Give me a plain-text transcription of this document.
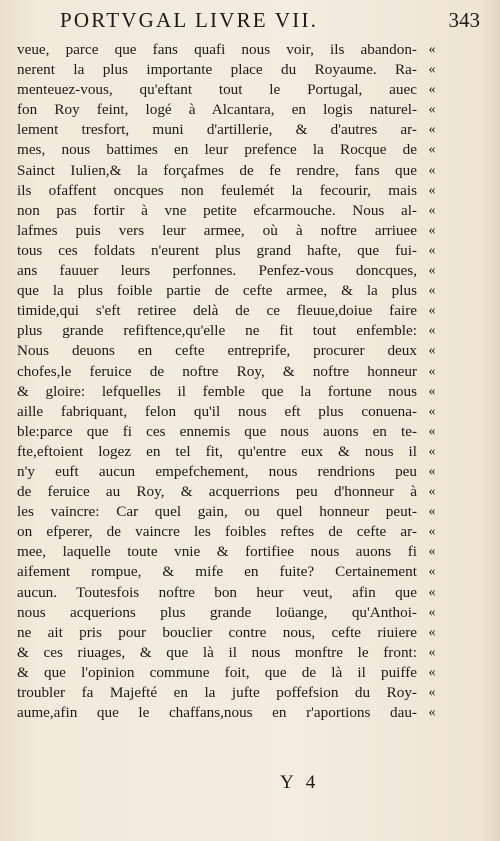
PORTVGAL LIVRE VII.	343
veue, parce que fans quafi nous voir, ils abandon-
nerent la plus importante place du Royaume. Ra-
menteuez-vous, qu'eftant tout le Portugal, auec
fon Roy feint, logé à Alcantara, en logis naturel-
lement tresfort, muni d'artillerie, & d'autres ar-
mes, nous battimes en leur prefence la Rocque de
Sainct Iulien,& la forçafmes de fe rendre, fans que
ils ofaffent oncques non feulemét la fecourir, mais
non pas fortir à vne petite efcarmouche. Nous al-
lafmes puis vers leur armee, où à noftre arriuee
tous ces foldats n'eurent plus grand hafte, que fui-
ans fauuer leurs perfonnes. Penfez-vous doncques,
que la plus foible partie de cefte armee, & la plus
timide,qui s'eft retiree delà de ce fleuue,doiue faire
plus grande refiftence,qu'elle ne fit tout enfemble:
Nous deuons en cefte entreprife, procurer deux
chofes,le feruice de noftre Roy, & noftre honneur
& gloire: lefquelles il femble que la fortune nous
aille fabriquant, felon qu'il nous eft plus conuena-
ble:parce que fi ces ennemis que nous auons en te-
fte,eftoient logez en tel fit, qu'entre eux & nous il
n'y euft aucun empefchement, nous rendrions peu
de feruice au Roy, & acquerrions peu d'honneur à
les vaincre: Car quel gain, ou quel honneur peut-
on efperer, de vaincre les foibles reftes de cefte ar-
mee, laquelle toute vnie & fortifiee nous auons fi
aifement rompue, & mife en fuite? Certainement
aucun. Toutesfois noftre bon heur veut, afin que
nous acquerions plus grande loüange, qu'Anthoi-
ne ait pris pour bouclier contre nous, cefte riuiere
& ces riuages, & que là il nous monftre le front:
& que l'opinion commune foit, que de là il puiffe
troubler fa Majefté en la jufte poffefsion du Roy-
aume,afin que le chaffans,nous en r'aportions dau-
«
«
«
«
«
«
«
«
«
«
«
«
«
«
«
«
«
«
«
«
«
«
«
«
«
«
«
«
«
«
«
«
«
«
Y 4
